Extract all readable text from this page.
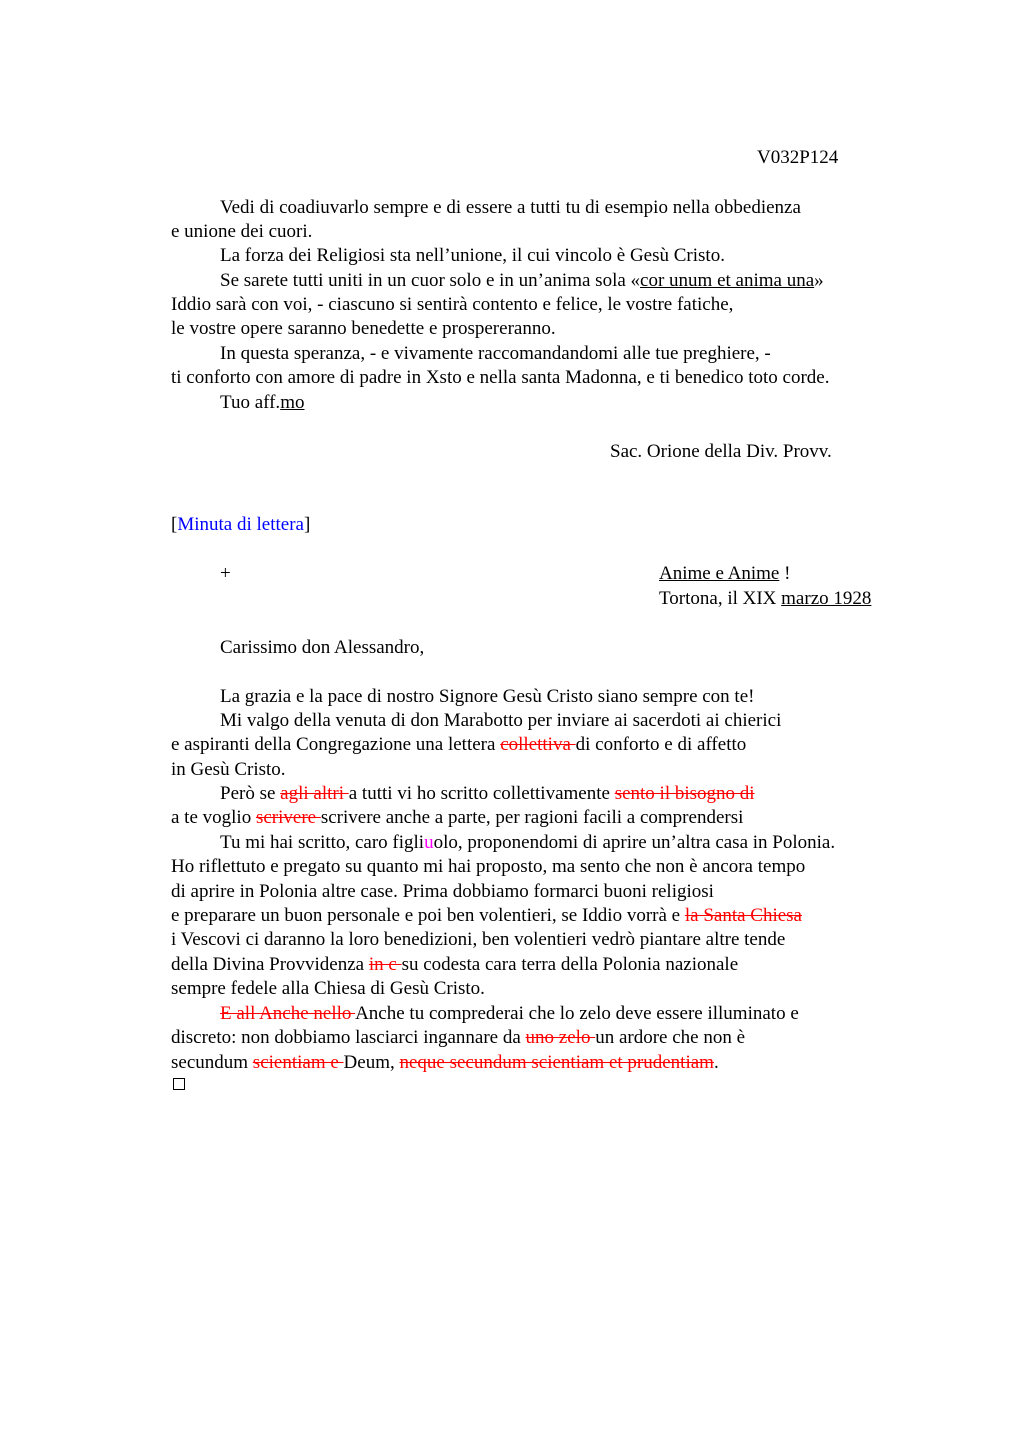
V032P124
Vedi di coadiuvarlo sempre e di essere a tutti tu di esempio nella obbedienza
e unione dei cuori.
La forza dei Religiosi sta nell’unione, il cui vincolo è Gesù Cristo.
Se sarete tutti uniti in un cuor solo e in un’anima sola «cor unum et anima una»
Iddio sarà con voi, - ciascuno si sentirà contento e felice, le vostre fatiche,
le vostre opere saranno benedette e prospereranno.
In questa speranza, - e vivamente raccomandandomi alle tue preghiere, -
ti conforto con amore di padre in Xsto e nella santa Madonna, e ti benedico toto corde.
Tuo aff.mo
Sac. Orione della Div. Provv.
[Minuta di lettera]
+	Anime e Anime !
Tortona, il XIX marzo 1928
Carissimo don Alessandro,
La grazia e la pace di nostro Signore Gesù Cristo siano sempre con te!
Mi valgo della venuta di don Marabotto per inviare ai sacerdoti ai chierici
e aspiranti della Congregazione una lettera collettiva di conforto e di affetto
in Gesù Cristo.
Però se agli altri a tutti vi ho scritto collettivamente sento il bisogno di
a te voglio scrivere scrivere anche a parte, per ragioni facili a comprendersi
Tu mi hai scritto, caro figliuolo, proponendomi di aprire un’altra casa in Polonia.
Ho riflettuto e pregato su quanto mi hai proposto, ma sento che non è ancora tempo
di aprire in Polonia altre case. Prima dobbiamo formarci buoni religiosi
e preparare un buon personale e poi ben volentieri, se Iddio vorrà e la Santa Chiesa
i Vescovi ci daranno la loro benedizioni, ben volentieri vedrò piantare altre tende
della Divina Provvidenza in c su codesta cara terra della Polonia nazionale
sempre fedele alla Chiesa di Gesù Cristo.
E all Anche nello Anche tu compredera‌i che lo zelo deve essere illuminato e
discreto: non dobbiamo lasciarci ingannare da uno zelo un ardore che non è
secundum scientiam e Deum, neque secundum scientiam et prudentiam.
